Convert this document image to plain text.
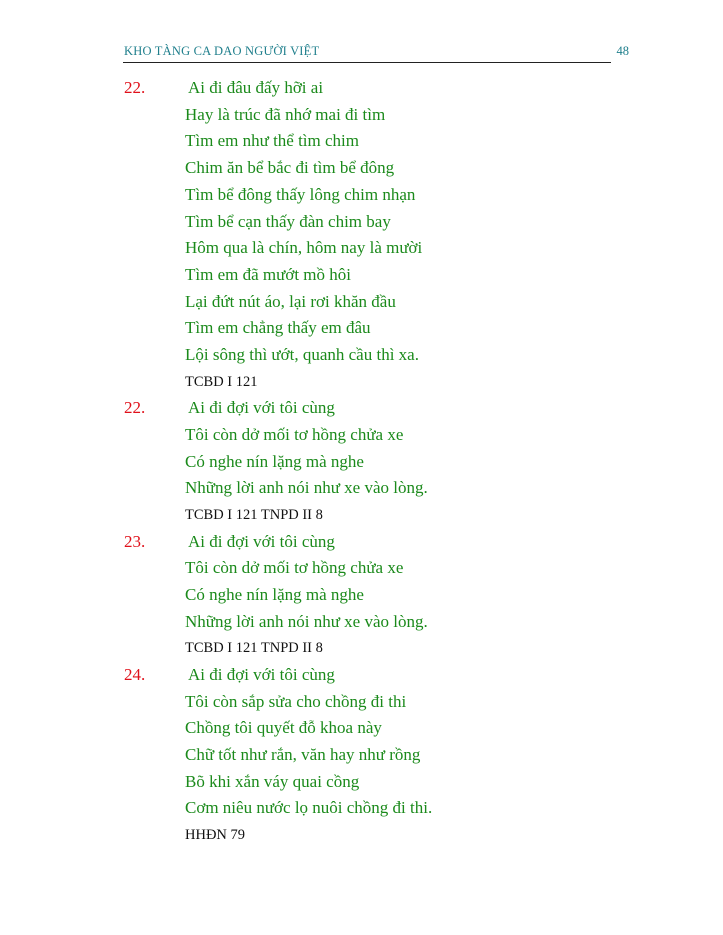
KHO TÀNG CA DAO NGƯỜI VIỆT	48
22.	Ai đi đâu đấy hỡi ai
Hay là trúc đã nhớ mai đi tìm
Tìm em như thể tìm chim
Chim ăn bể bắc đi tìm bể đông
Tìm bể đông thấy lông chim nhạn
Tìm bể cạn thấy đàn chim bay
Hôm qua là chín, hôm nay là mười
Tìm em đã mướt mồ hôi
Lại đứt nút áo, lại rơi khăn đầu
Tìm em chẳng thấy em đâu
Lội sông thì ướt, quanh cầu thì xa.
TCBD I 121
22.	Ai đi đợi với tôi cùng
Tôi còn dở mối tơ hồng chửa xe
Có nghe nín lặng mà nghe
Những lời anh nói như xe vào lòng.
TCBD I 121 TNPD II 8
23.	Ai đi đợi với tôi cùng
Tôi còn dở mối tơ hồng chửa xe
Có nghe nín lặng mà nghe
Những lời anh nói như xe vào lòng.
TCBD I 121 TNPD II 8
24.	Ai đi đợi với tôi cùng
Tôi còn sắp sửa cho chồng đi thi
Chồng tôi quyết đỗ khoa này
Chữ tốt như rắn, văn hay như rồng
Bõ khi xắn váy quai cồng
Cơm niêu nước lọ nuôi chồng đi thi.
HHĐN 79
